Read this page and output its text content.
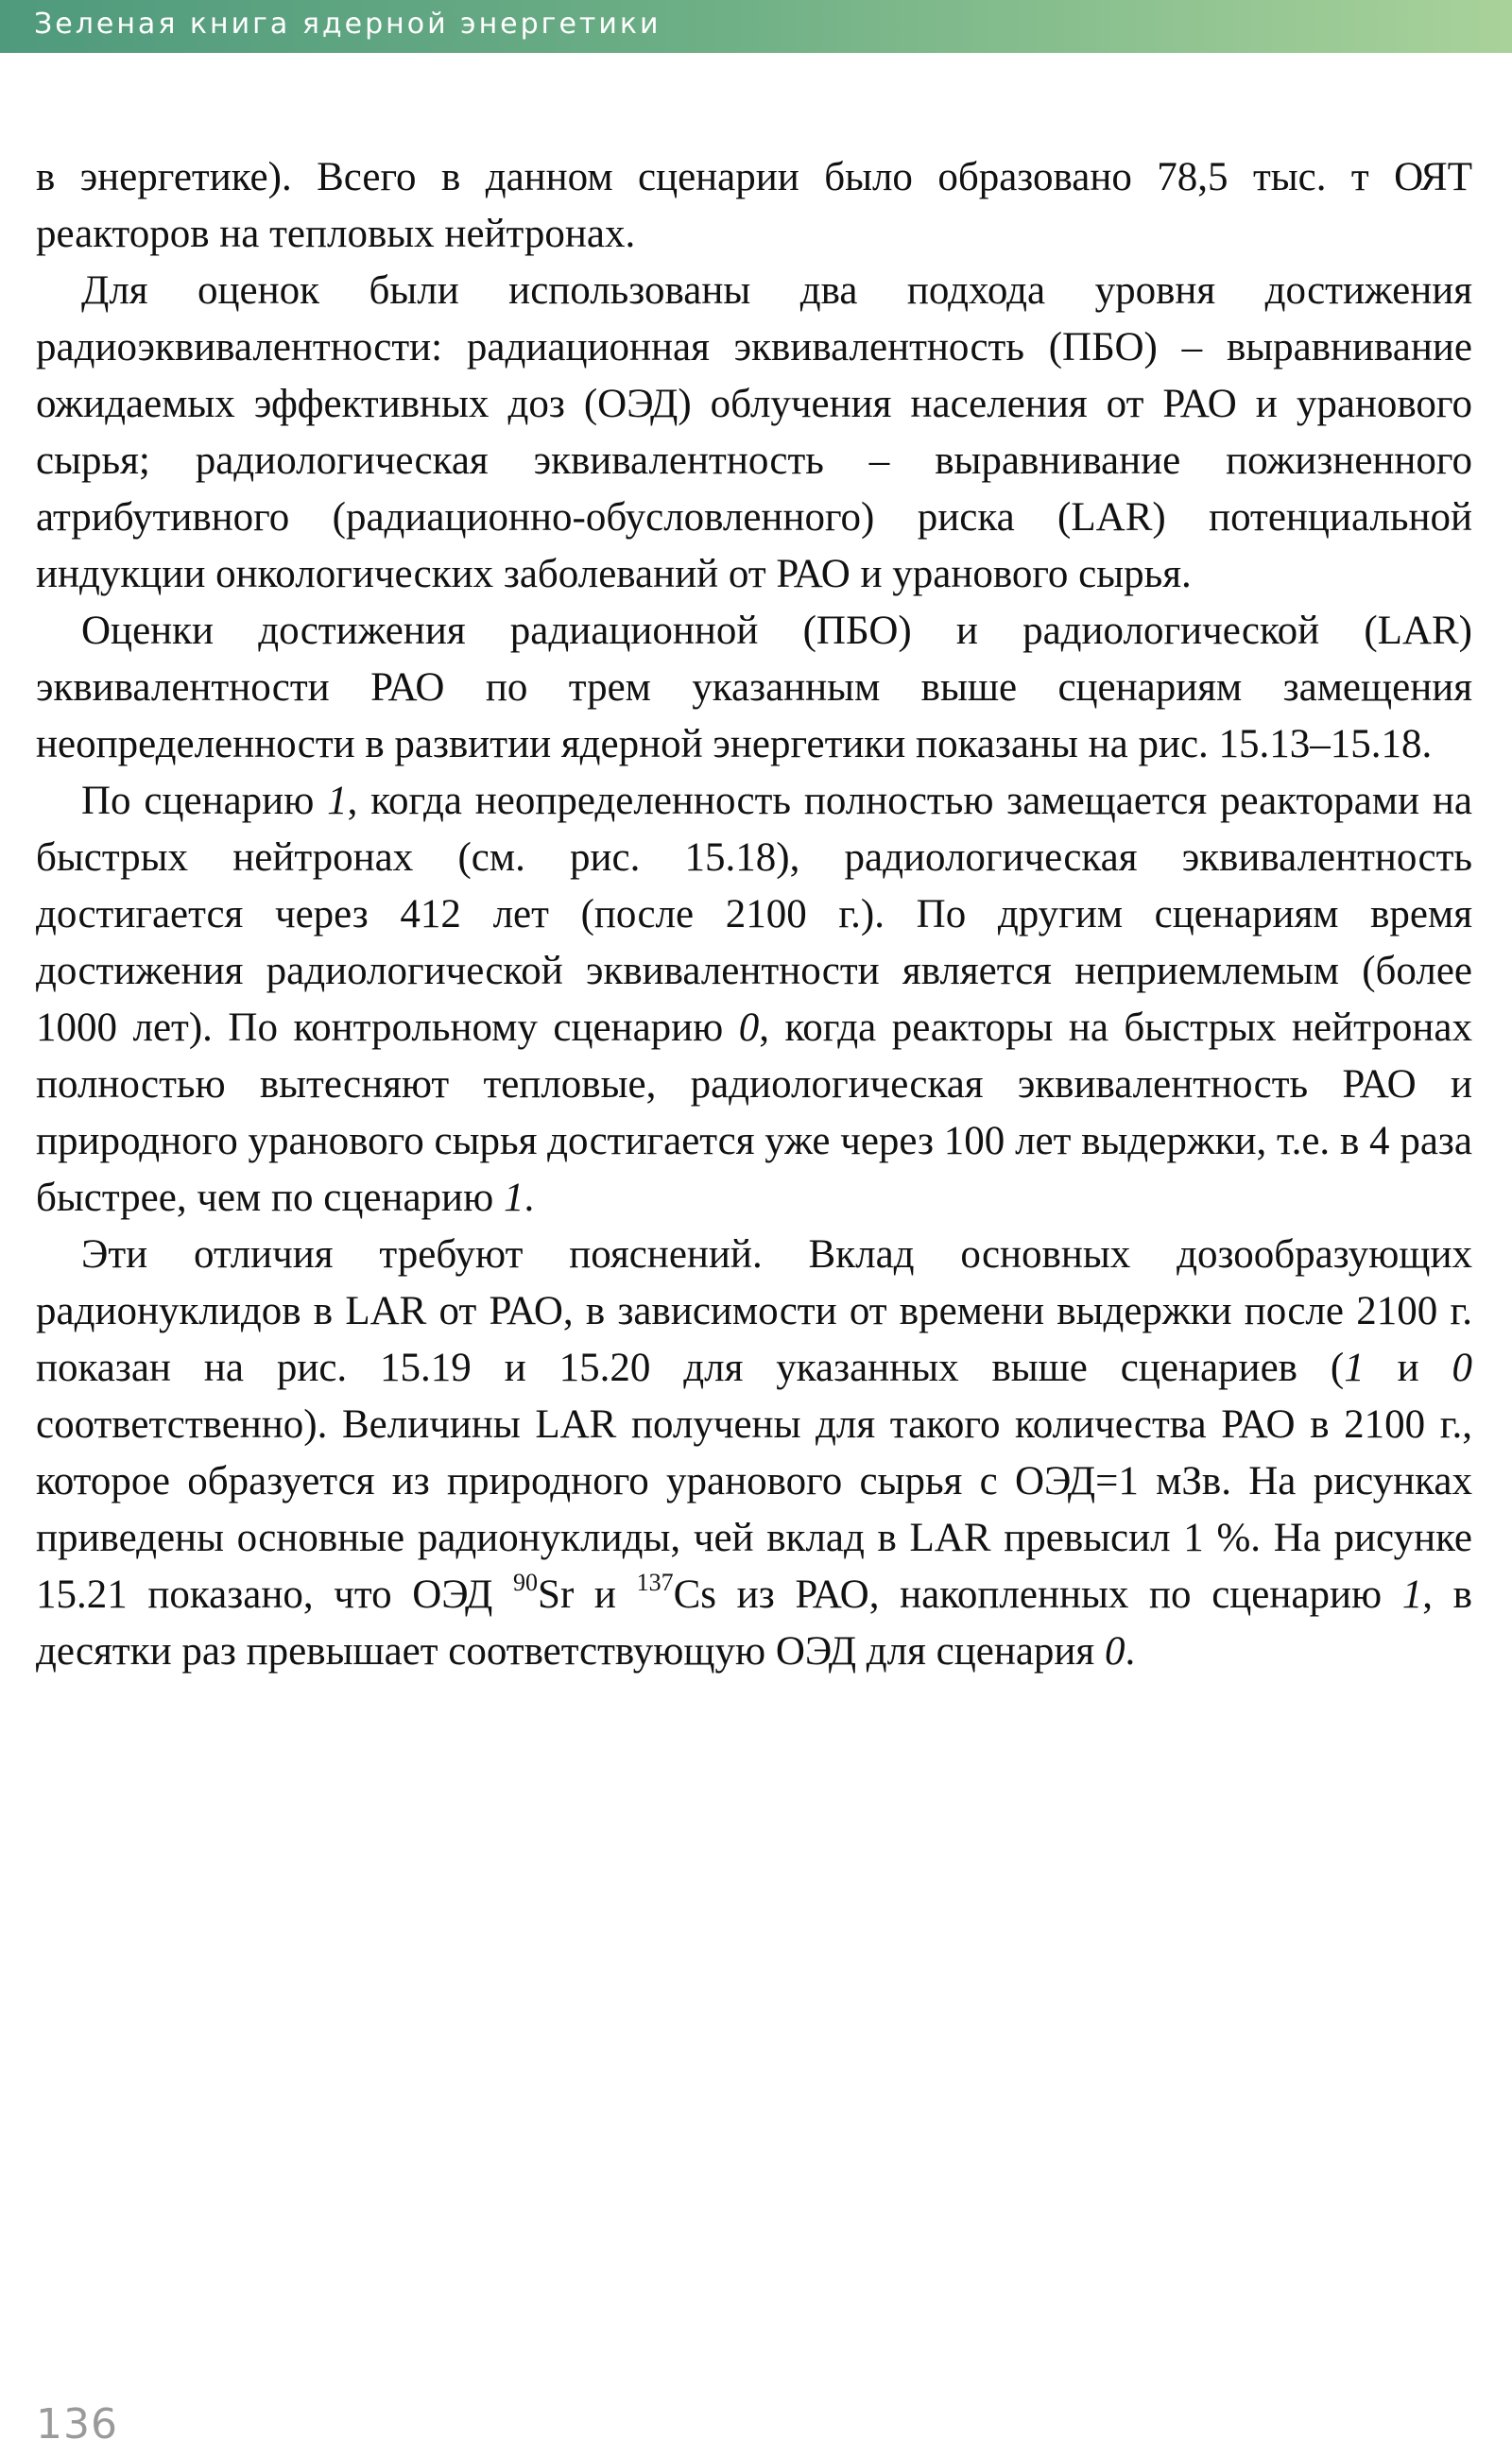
Зеленая книга ядерной энергетики

в энергетике). Всего в данном сценарии было образовано 78,5 тыс. т ОЯТ реакторов на тепловых нейтронах.

Для оценок были использованы два подхода уровня достижения радиоэквивалентности: радиационная эквивалентность (ПБО) – выравнивание ожидаемых эффективных доз (ОЭД) облучения населения от РАО и уранового сырья; радиологическая эквивалентность – выравнивание пожизненного атрибутивного (радиационно-обусловленного) риска (LAR) потенциальной индукции онкологических заболеваний от РАО и уранового сырья.

Оценки достижения радиационной (ПБО) и радиологической (LAR) эквивалентности РАО по трем указанным выше сценариям замещения неопределенности в развитии ядерной энергетики показаны на рис. 15.13–15.18.

По сценарию 1, когда неопределенность полностью замещается реакторами на быстрых нейтронах (см. рис. 15.18), радиологическая эквивалентность достигается через 412 лет (после 2100 г.). По другим сценариям время достижения радиологической эквивалентности является неприемлемым (более 1000 лет). По контрольному сценарию 0, когда реакторы на быстрых нейтронах полностью вытесняют тепловые, радиологическая эквивалентность РАО и природного уранового сырья достигается уже через 100 лет выдержки, т.е. в 4 раза быстрее, чем по сценарию 1.

Эти отличия требуют пояснений. Вклад основных дозообразующих радионуклидов в LAR от РАО, в зависимости от времени выдержки после 2100 г. показан на рис. 15.19 и 15.20 для указанных выше сценариев (1 и 0 соответственно). Величины LAR получены для такого количества РАО в 2100 г., которое образуется из природного уранового сырья с ОЭД=1 мЗв. На рисунках приведены основные радионуклиды, чей вклад в LAR превысил 1 %. На рисунке 15.21 показано, что ОЭД $^{90}$Sr и $^{137}$Cs из РАО, накопленных по сценарию 1, в десятки раз превышает соответствующую ОЭД для сценария 0.

136
